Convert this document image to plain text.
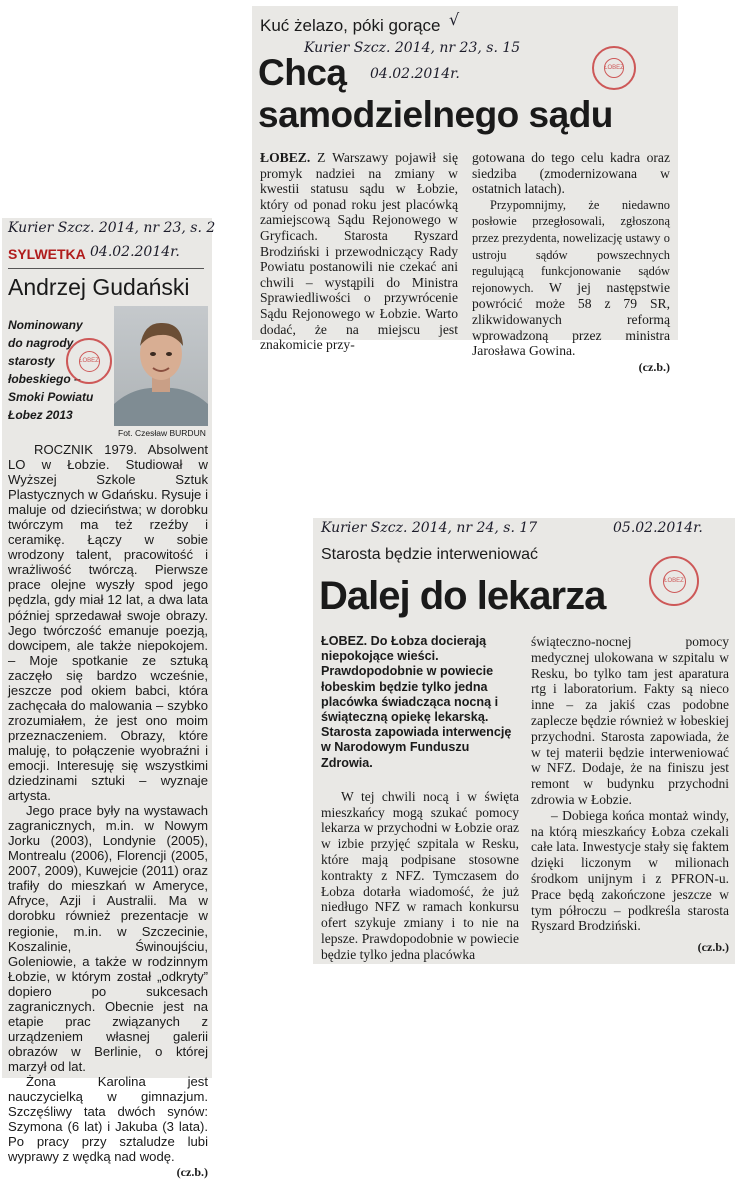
Kuć żelazo, póki gorące √
Kurier Szcz. 2014, nr 23, s. 15
04.02.2014r.	ŁOBEZ
Chcą
samodzielnego sądu
ŁOBEZ. Z Warszawy pojawił się promyk nadziei na zmiany w kwestii statusu sądu w Łobzie, który od ponad roku jest placówką zamiejscową Sądu Rejonowego w Gryficach. Starosta Ryszard Brodziński i przewodniczący Rady Powiatu postanowili nie czekać ani chwili – wystąpili do Ministra Sprawiedliwości o przywrócenie Sądu Rejonowego w Łobzie. Warto dodać, że na miejscu jest znakomicie przy-

gotowana do tego celu kadra oraz siedziba (zmodernizowana w ostatnich latach).

Przypomnijmy, że niedawno posłowie przegłosowali, zgłoszoną przez prezydenta, nowelizację ustawy o ustroju sądów powszechnych regulującą funkcjonowanie sądów rejonowych. W jej następstwie powrócić może 58 z 79 SR, zlikwidowanych reformą wprowadzoną przez ministra Jarosława Gowina.

(cz.b.)
Kurier Szcz. 2014, nr 23, s. 2
SYLWETKA 04.02.2014r.
Andrzej Gudański
Nominowany do nagrody starosty łobeskiego – Smoki Powiatu Łobez 2013
ŁOBEZ
Fot. Czesław BURDUN

ROCZNIK 1979. Absolwent LO w Łobzie. Studiował w Wyższej Szkole Sztuk Plastycznych w Gdańsku. Rysuje i maluje od dzieciństwa; w dorobku twórczym ma też rzeźby i ceramikę. Łączy w sobie wrodzony talent, pracowitość i wrażliwość twórczą. Pierwsze prace olejne wyszły spod jego pędzla, gdy miał 12 lat, a dwa lata później sprzedawał swoje obrazy. Jego twórczość emanuje poezją, dowcipem, ale także niepokojem. – Moje spotkanie ze sztuką zaczęło się bardzo wcześnie, jeszcze pod okiem babci, która zachęcała do malowania – szybko zrozumiałem, że jest ono moim przeznaczeniem. Obrazy, które maluję, to połączenie wyobraźni i emocji. Interesuję się wszystkimi dziedzinami sztuki – wyznaje artysta.

Jego prace były na wystawach zagranicznych, m.in. w Nowym Jorku (2003), Londynie (2005), Montrealu (2006), Florencji (2005, 2007, 2009), Kuwejcie (2011) oraz trafiły do mieszkań w Ameryce, Afryce, Azji i Australii. Ma w dorobku również prezentacje w regionie, m.in. w Szczecinie, Koszalinie, Świnoujściu, Goleniowie, a także w rodzinnym Łobzie, w którym został „odkryty” dopiero po sukcesach zagranicznych. Obecnie jest na etapie prac związanych z urządzeniem własnej galerii obrazów w Berlinie, o której marzył od lat.

Żona Karolina jest nauczycielką w gimnazjum. Szczęśliwy tata dwóch synów: Szymona (6 lat) i Jakuba (3 lata). Po pracy przy sztaludze lubi wyprawy z wędką nad wodę.

(cz.b.)
Kurier Szcz. 2014, nr 24, s. 17	05.02.2014r.
Starosta będzie interweniować
ŁOBEZ
Dalej do lekarza
ŁOBEZ. Do Łobza docierają niepokojące wieści. Prawdopodobnie w powiecie łobeskim będzie tylko jedna placówka świadcząca nocną i świąteczną opiekę lekarską. Starosta zapowiada interwencję w Narodowym Funduszu Zdrowia.

W tej chwili nocą i w święta mieszkańcy mogą szukać pomocy lekarza w przychodni w Łobzie oraz w izbie przyjęć szpitala w Resku, które mają podpisane stosowne kontrakty z NFZ. Tymczasem do Łobza dotarła wiadomość, że już niedługo NFZ w ramach konkursu ofert szykuje zmiany i to nie na lepsze. Prawdopodobnie w powiecie będzie tylko jedna placówka

świąteczno-nocnej pomocy medycznej ulokowana w szpitalu w Resku, bo tylko tam jest aparatura rtg i laboratorium. Fakty są nieco inne – za jakiś czas podobne zaplecze będzie również w łobeskiej przychodni. Starosta zapowiada, że w tej materii będzie interweniować w NFZ. Dodaje, że na finiszu jest remont w budynku przychodni zdrowia w Łobzie.

– Dobiega końca montaż windy, na którą mieszkańcy Łobza czekali całe lata. Inwestycje stały się faktem dzięki liczonym w milionach środkom unijnym i z PFRON-u. Prace będą zakończone jeszcze w tym półroczu – podkreśla starosta Ryszard Brodziński.

(cz.b.)
